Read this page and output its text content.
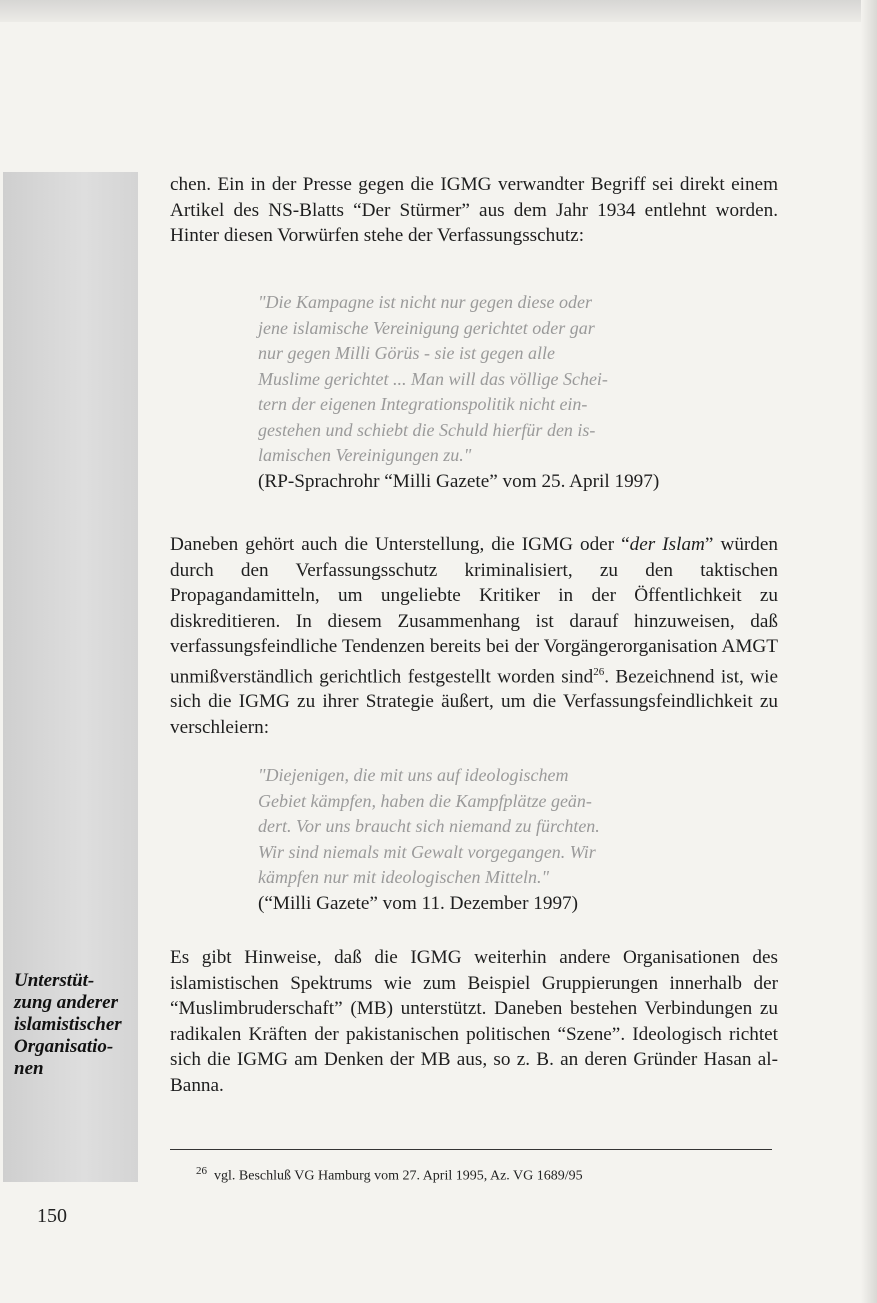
Unterstüt-
zung anderer
islamistischer
Organisatio-
nen

chen. Ein in der Presse gegen die IGMG verwandter Begriff sei direkt einem Artikel des NS-Blatts “Der Stürmer” aus dem Jahr 1934 entlehnt worden. Hinter diesen Vorwürfen stehe der Verfassungsschutz:

"Die Kampagne ist nicht nur gegen diese oder

jene islamische Vereinigung gerichtet oder gar

nur gegen Milli Görüs - sie ist gegen alle

Muslime gerichtet ... Man will das völlige Schei-

tern der eigenen Integrationspolitik nicht ein-

gestehen und schiebt die Schuld hierfür den is-

lamischen Vereinigungen zu."

(RP-Sprachrohr “Milli Gazete” vom 25. April 1997)

Daneben gehört auch die Unterstellung, die IGMG oder “der Islam” würden durch den Verfassungsschutz kriminalisiert, zu den taktischen Propagandamitteln, um ungeliebte Kritiker in der Öffentlichkeit zu diskreditieren. In diesem Zusammenhang ist darauf hinzuweisen, daß verfassungsfeindliche Tendenzen bereits bei der Vorgängerorganisation AMGT unmißverständlich gerichtlich festgestellt worden sind$^{26}$. Bezeichnend ist, wie sich die IGMG zu ihrer Strategie äußert, um die Verfassungsfeindlichkeit zu verschleiern:

"Diejenigen, die mit uns auf ideologischem

Gebiet kämpfen, haben die Kampfplätze geän-

dert. Vor uns braucht sich niemand zu fürchten.

Wir sind niemals mit Gewalt vorgegangen. Wir

kämpfen nur mit ideologischen Mitteln."

(“Milli Gazete” vom 11. Dezember 1997)

Es gibt Hinweise, daß die IGMG weiterhin andere Organisationen des islamistischen Spektrums wie zum Beispiel Gruppierungen innerhalb der “Muslimbruderschaft” (MB) unterstützt. Daneben bestehen Verbindungen zu radikalen Kräften der pakistanischen politischen “Szene”. Ideologisch richtet sich die IGMG am Denken der MB aus, so z. B. an deren Gründer Hasan al-Banna.

$^{26}$ vgl. Beschluß VG Hamburg vom 27. April 1995, Az. VG 1689/95
150
